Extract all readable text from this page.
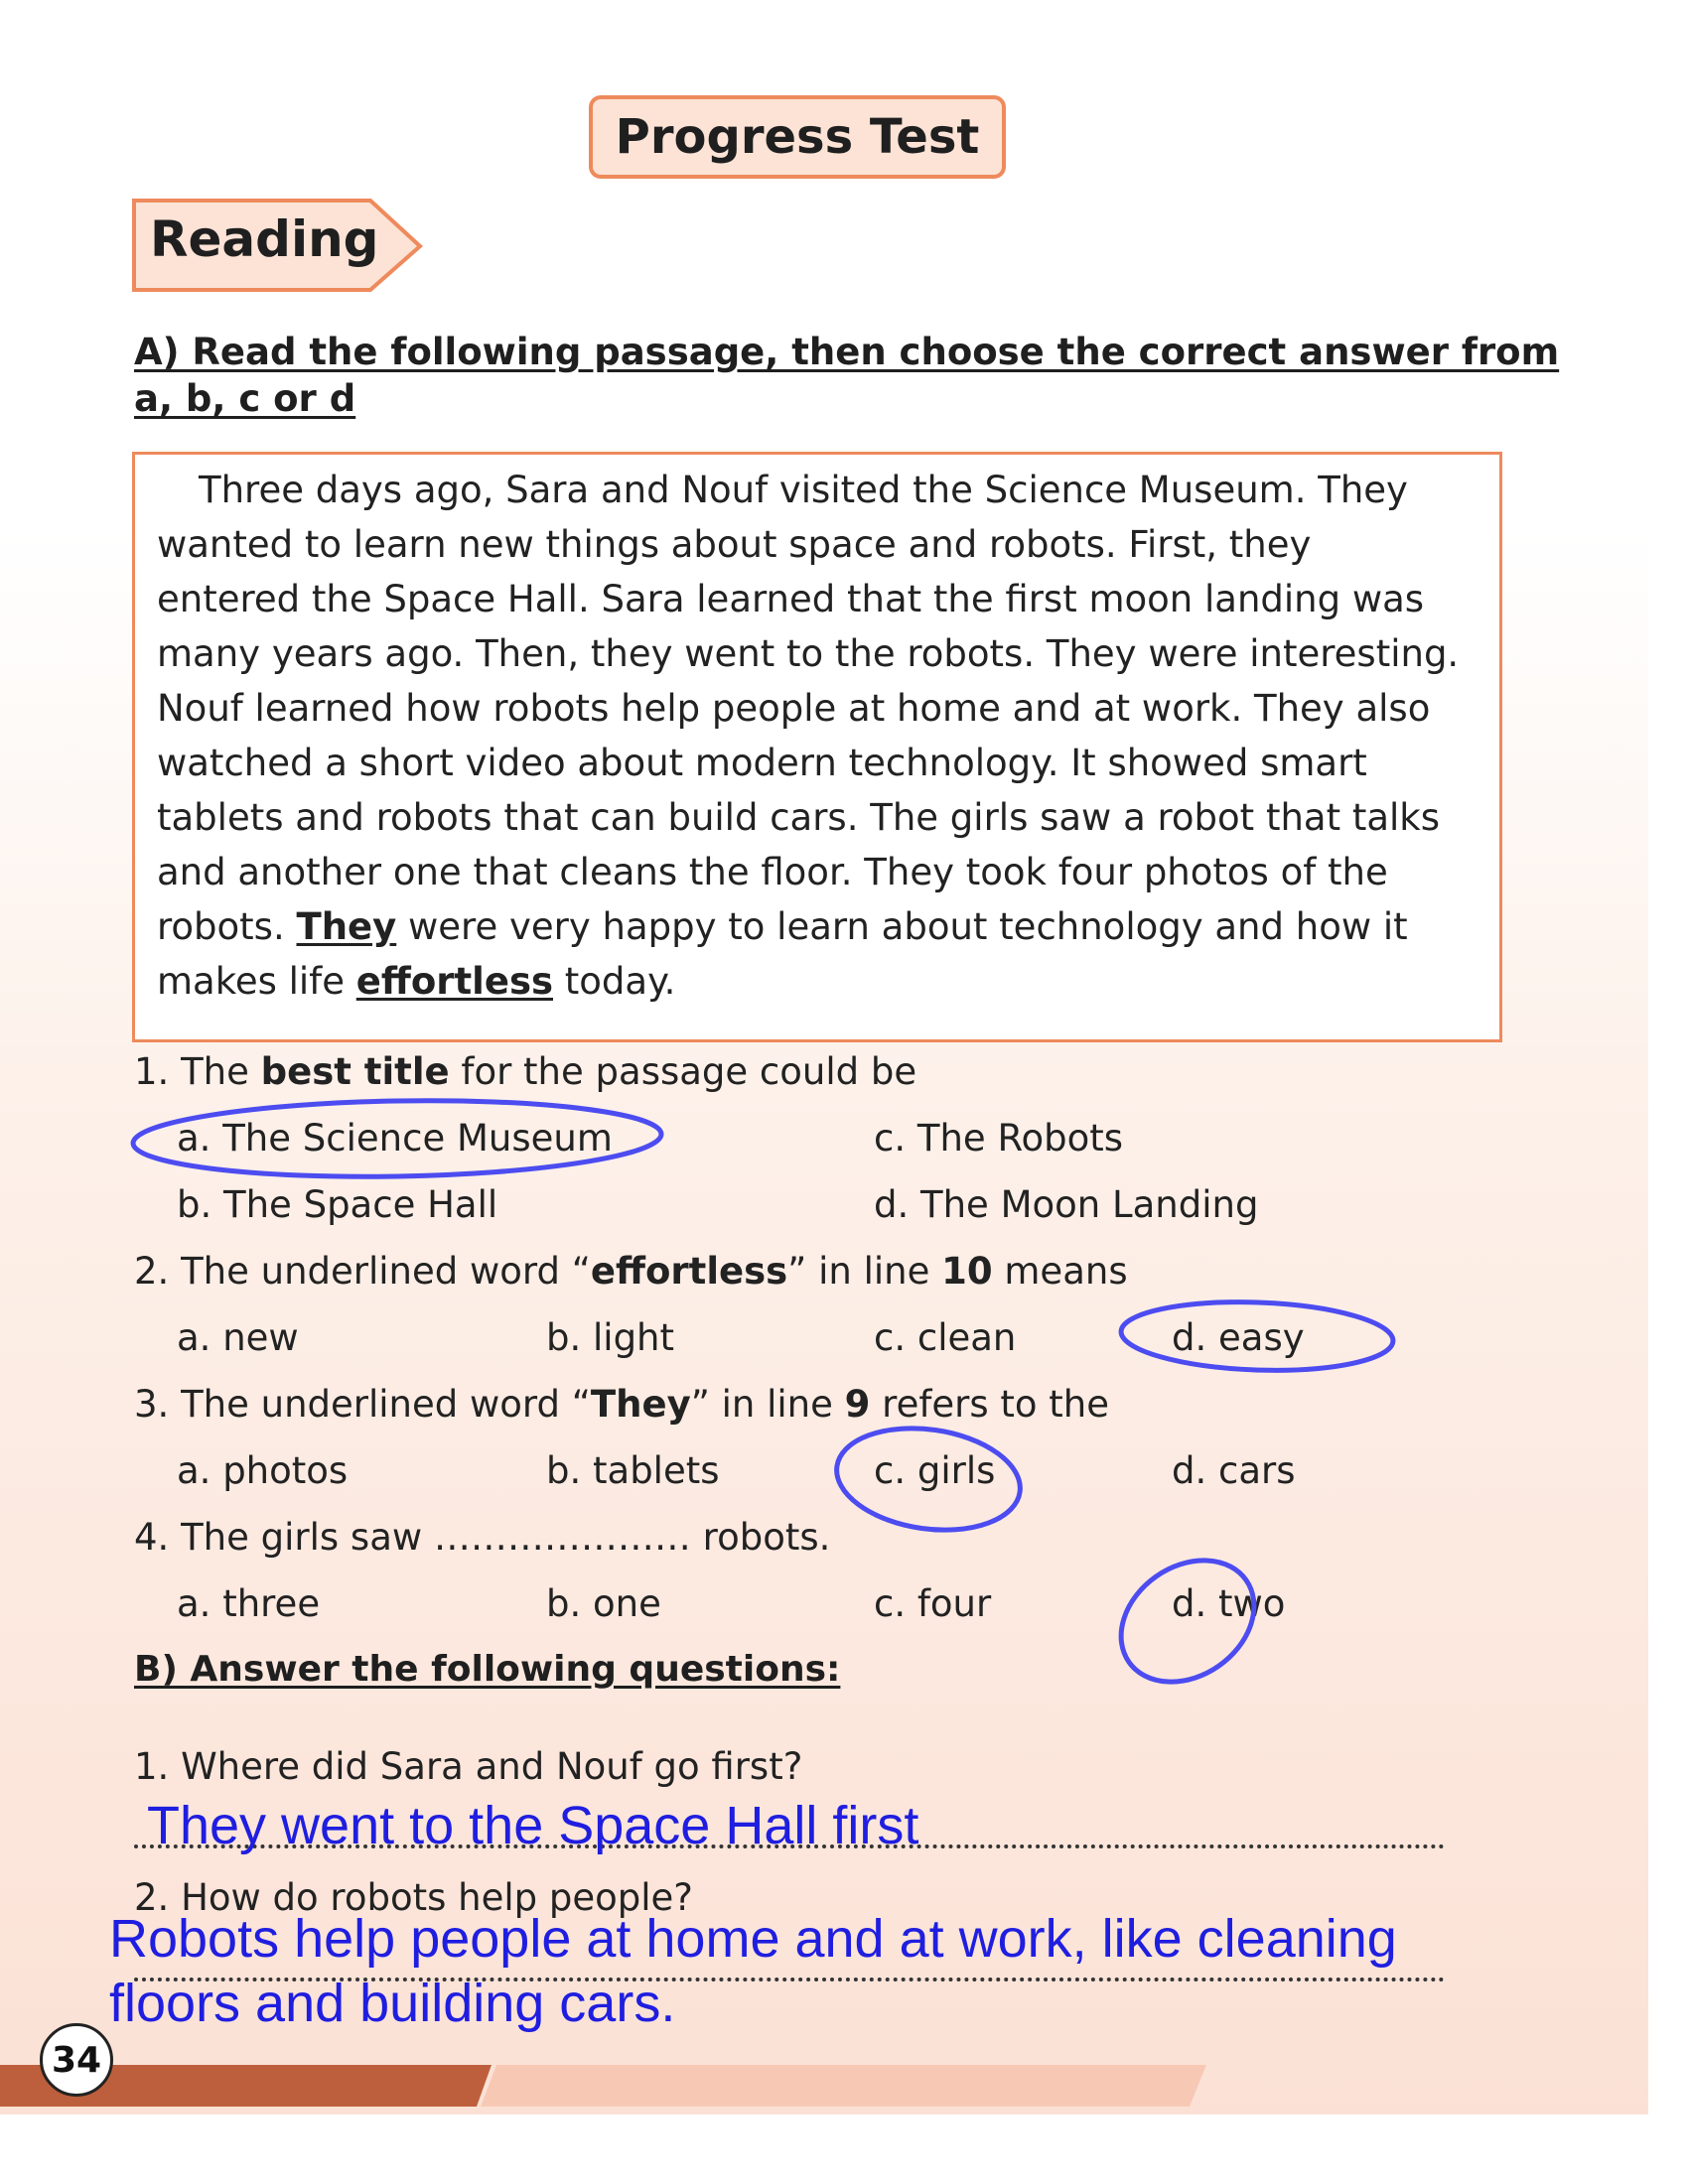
Progress Test
Reading
A) Read the following passage, then choose the correct answer from
a, b, c or d
Three days ago, Sara and Nouf visited the Science Museum. They
wanted to learn new things about space and robots. First, they
entered the Space Hall. Sara learned that the first moon landing was
many years ago. Then, they went to the robots. They were interesting.
Nouf learned how robots help people at home and at work. They also
watched a short video about modern technology. It showed smart
tablets and robots that can build cars. The girls saw a robot that talks
and another one that cleans the floor. They took four photos of the
robots. They were very happy to learn about technology and how it
makes life effortless today.
1. The best title for the passage could be
a. The Science Museum	c. The Robots
b. The Space Hall	d. The Moon Landing
2. The underlined word “effortless” in line 10 means
a. new	b. light	c. clean	d. easy
3. The underlined word “They” in line 9 refers to the
a. photos	b. tablets	c. girls	d. cars
4. The girls saw ………………… robots.
a. three	b. one	c. four	d. two
B) Answer the following questions:
1. Where did Sara and Nouf go first?
They went to the Space Hall first
2. How do robots help people?
Robots help people at home and at work, like cleaning
floors and building cars.
34
